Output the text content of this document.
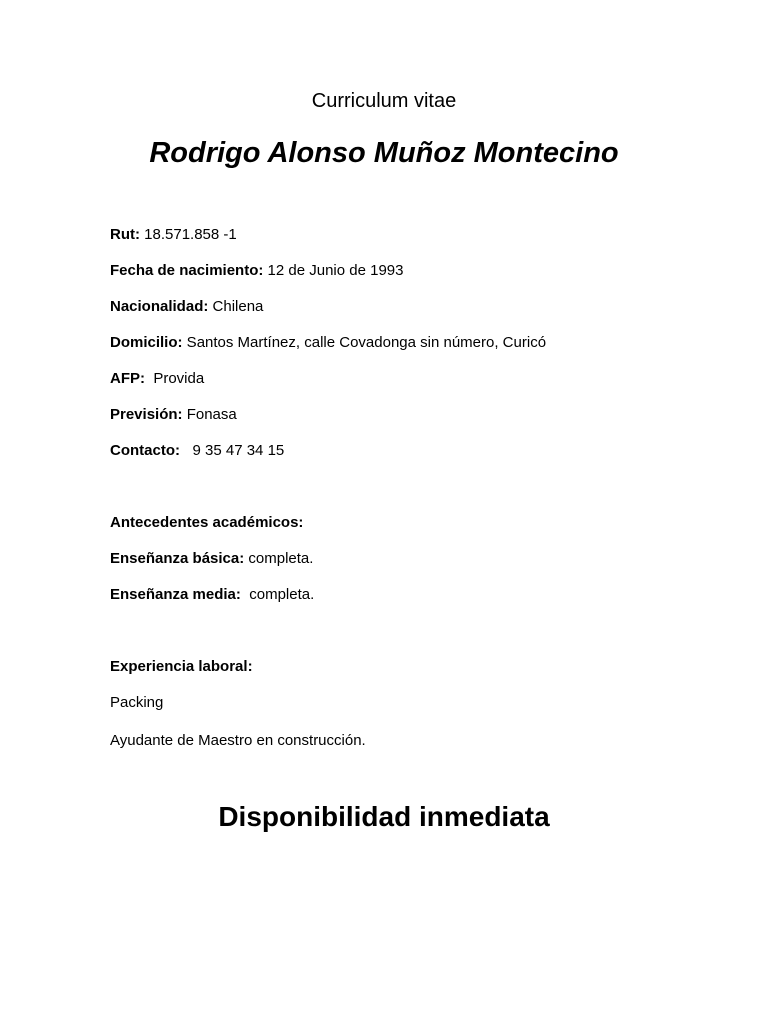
Curriculum vitae
Rodrigo Alonso Muñoz Montecino
Rut: 18.571.858 -1
Fecha de nacimiento: 12 de Junio de 1993
Nacionalidad: Chilena
Domicilio: Santos Martínez, calle Covadonga sin número, Curicó
AFP:  Provida
Previsión: Fonasa
Contacto:   9 35 47 34 15
Antecedentes académicos:
Enseñanza básica: completa.
Enseñanza media:  completa.
Experiencia laboral:
Packing
Ayudante de Maestro en construcción.
Disponibilidad inmediata
